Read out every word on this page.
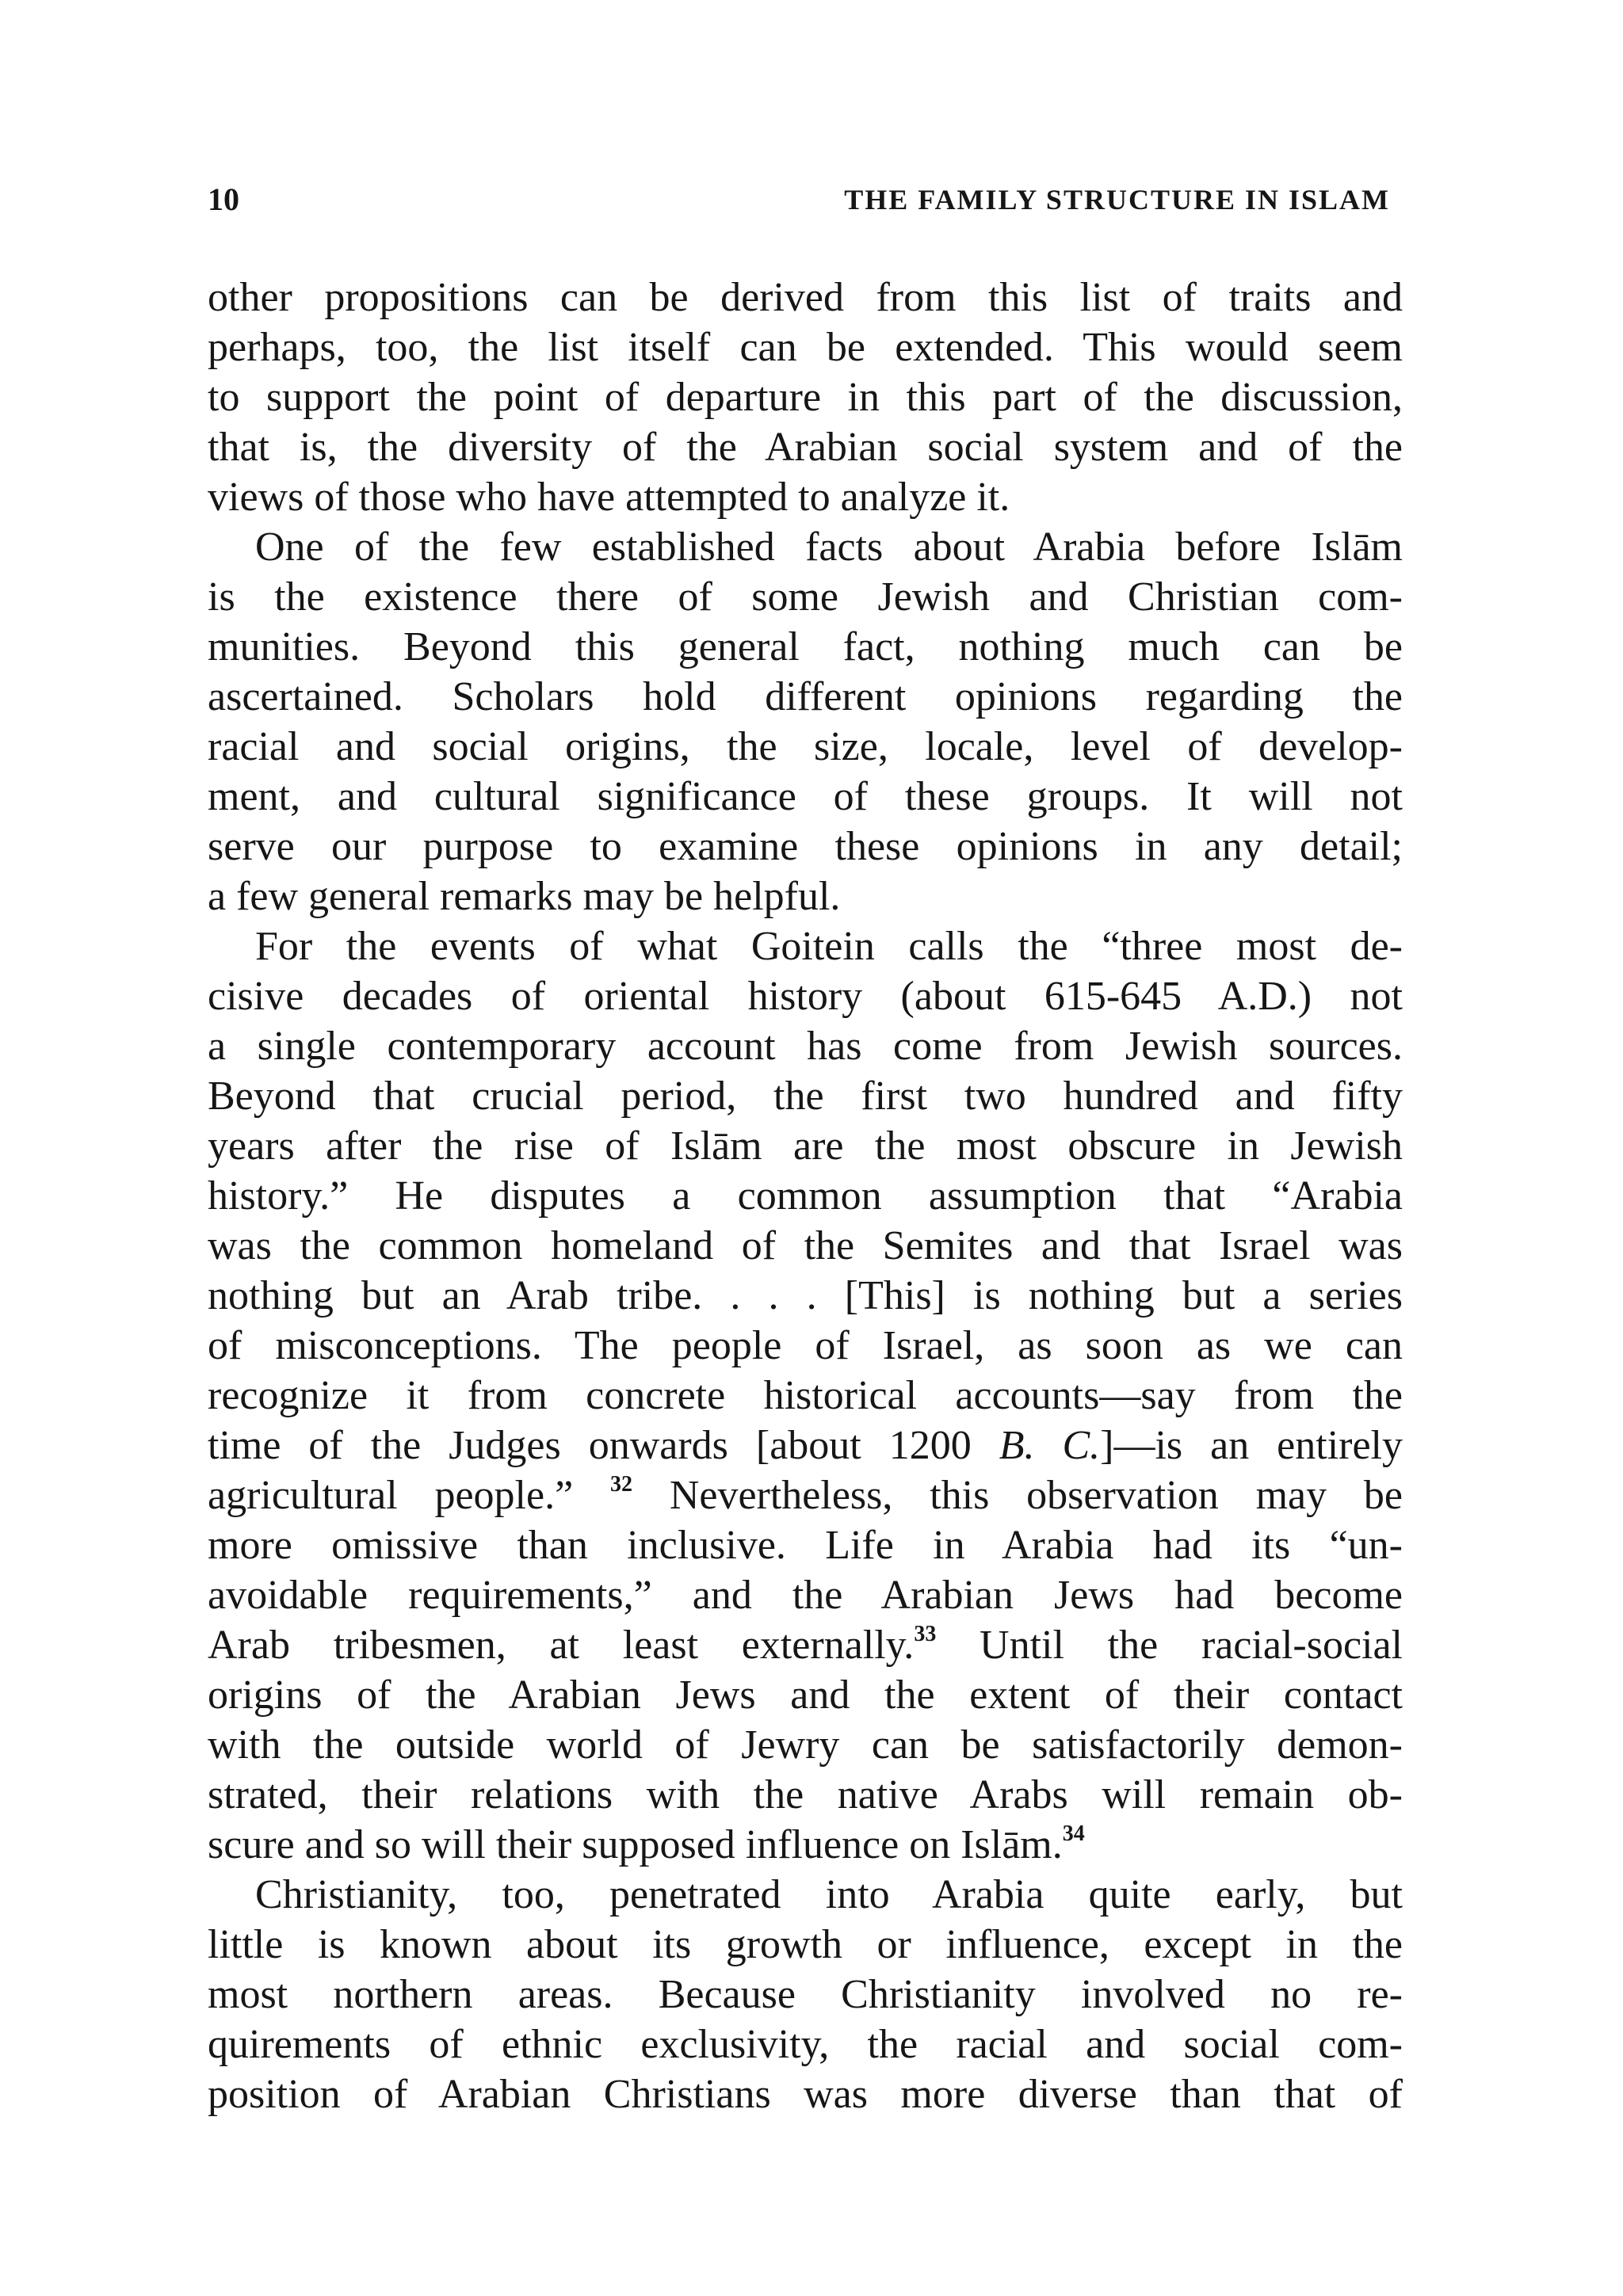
10	THE FAMILY STRUCTURE IN ISLAM
other propositions can be derived from this list of traits and
perhaps, too, the list itself can be extended. This would seem
to support the point of departure in this part of the discussion,
that is, the diversity of the Arabian social system and of the
views of those who have attempted to analyze it.
One of the few established facts about Arabia before Islām
is the existence there of some Jewish and Christian com-
munities. Beyond this general fact, nothing much can be
ascertained. Scholars hold different opinions regarding the
racial and social origins, the size, locale, level of develop-
ment, and cultural significance of these groups. It will not
serve our purpose to examine these opinions in any detail;
a few general remarks may be helpful.
For the events of what Goitein calls the “three most de-
cisive decades of oriental history (about 615-645 A.D.) not
a single contemporary account has come from Jewish sources.
Beyond that crucial period, the first two hundred and fifty
years after the rise of Islām are the most obscure in Jewish
history.” He disputes a common assumption that “Arabia
was the common homeland of the Semites and that Israel was
nothing but an Arab tribe. . . . [This] is nothing but a series
of misconceptions. The people of Israel, as soon as we can
recognize it from concrete historical accounts—say from the
time of the Judges onwards [about 1200 B. C.]—is an entirely
agricultural people.” $^{32}$ Nevertheless, this observation may be
more omissive than inclusive. Life in Arabia had its “un-
avoidable requirements,” and the Arabian Jews had become
Arab tribesmen, at least externally.$^{33}$ Until the racial-social
origins of the Arabian Jews and the extent of their contact
with the outside world of Jewry can be satisfactorily demon-
strated, their relations with the native Arabs will remain ob-
scure and so will their supposed influence on Islām.$^{34}$
Christianity, too, penetrated into Arabia quite early, but
little is known about its growth or influence, except in the
most northern areas. Because Christianity involved no re-
quirements of ethnic exclusivity, the racial and social com-
position of Arabian Christians was more diverse than that of
